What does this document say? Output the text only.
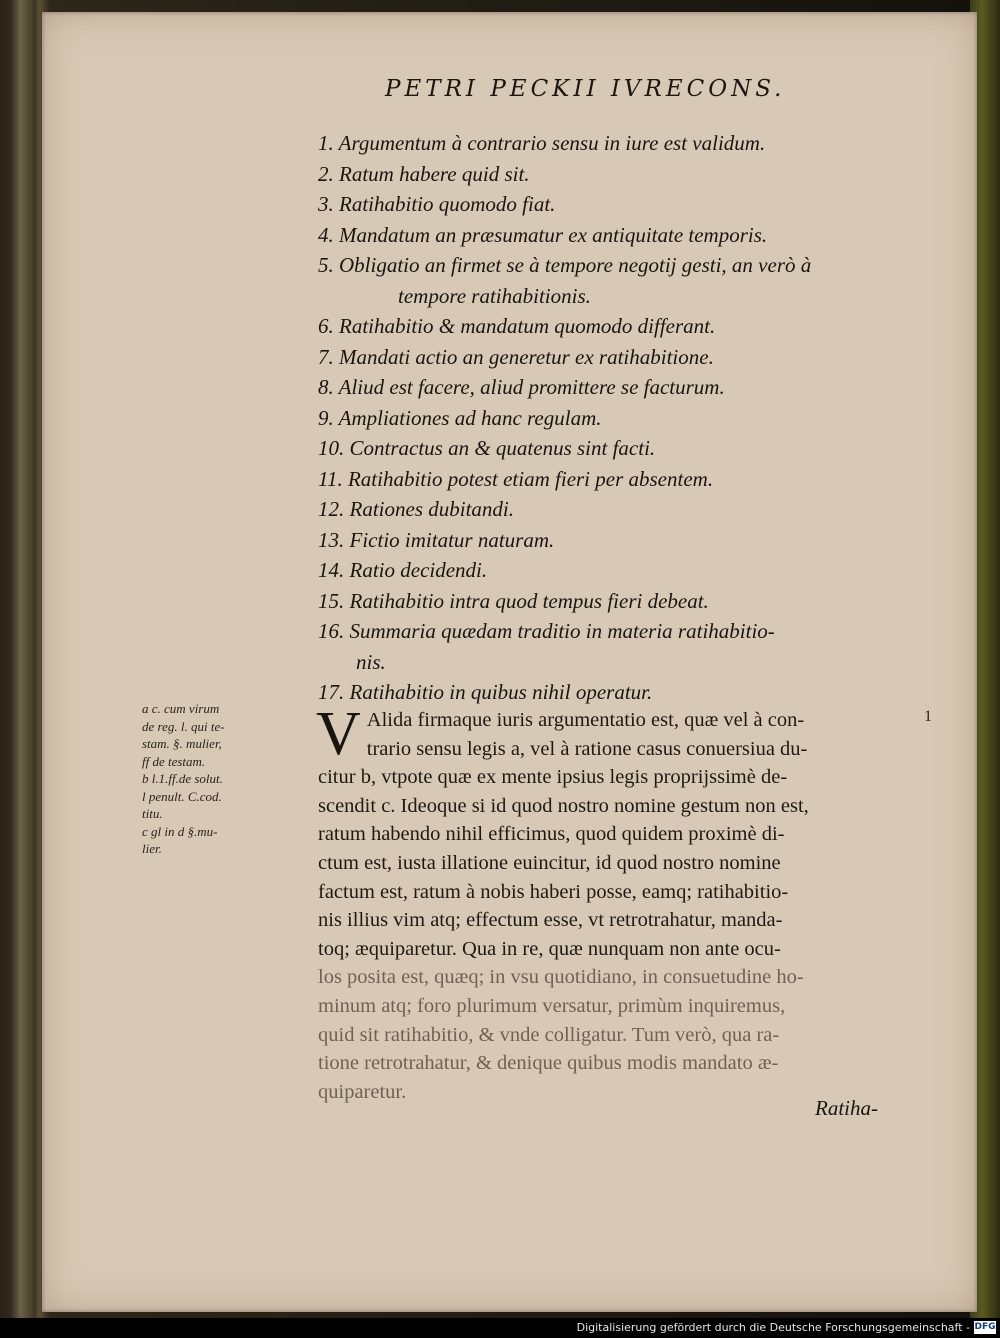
PETRI PECKII IVRECONS.
1. Argumentum à contrario sensu in iure est validum.
2. Ratum habere quid sit.
3. Ratihabitio quomodo fiat.
4. Mandatum an præsumatur ex antiquitate temporis.
5. Obligatio an firmet se à tempore negotij gesti, an verò à
tempore ratihabitionis.
6. Ratihabitio & mandatum quomodo differant.
7. Mandati actio an generetur ex ratihabitione.
8. Aliud est facere, aliud promittere se facturum.
9. Ampliationes ad hanc regulam.
10. Contractus an & quatenus sint facti.
11. Ratihabitio potest etiam fieri per absentem.
12. Rationes dubitandi.
13. Fictio imitatur naturam.
14. Ratio decidendi.
15. Ratihabitio intra quod tempus fieri debeat.
16. Summaria quædam traditio in materia ratihabitio-
nis.
17. Ratihabitio in quibus nihil operatur.

a c. cum virum

de reg. l. qui te-

stam. §. mulier,

ff de testam.

b l.1.ff.de solut.

l penult. C.cod.

titu.

c gl in d §.mu-

lier.

1
V Alida firmaque iuris argumentatio est, quæ vel à con-

trario sensu legis a, vel à ratione casus conuersiua du-

citur b, vtpote quæ ex mente ipsius legis proprijssimè de-

scendit c. Ideoque si id quod nostro nomine gestum non est,

ratum habendo nihil efficimus, quod quidem proximè di-

ctum est, iusta illatione euincitur, id quod nostro nomine

factum est, ratum à nobis haberi posse, eamq; ratihabitio-

nis illius vim atq; effectum esse, vt retrotrahatur, manda-

toq; æquiparetur. Qua in re, quæ nunquam non ante ocu-

los posita est, quæq; in vsu quotidiano, in consuetudine ho-

minum atq; foro plurimum versatur, primùm inquiremus,

quid sit ratihabitio, & vnde colligatur. Tum verò, qua ra-

tione retrotrahatur, & denique quibus modis mandato æ-

quiparetur.

Ratiha-
Digitalisierung gefördert durch die Deutsche Forschungsgemeinschaft - DFG
